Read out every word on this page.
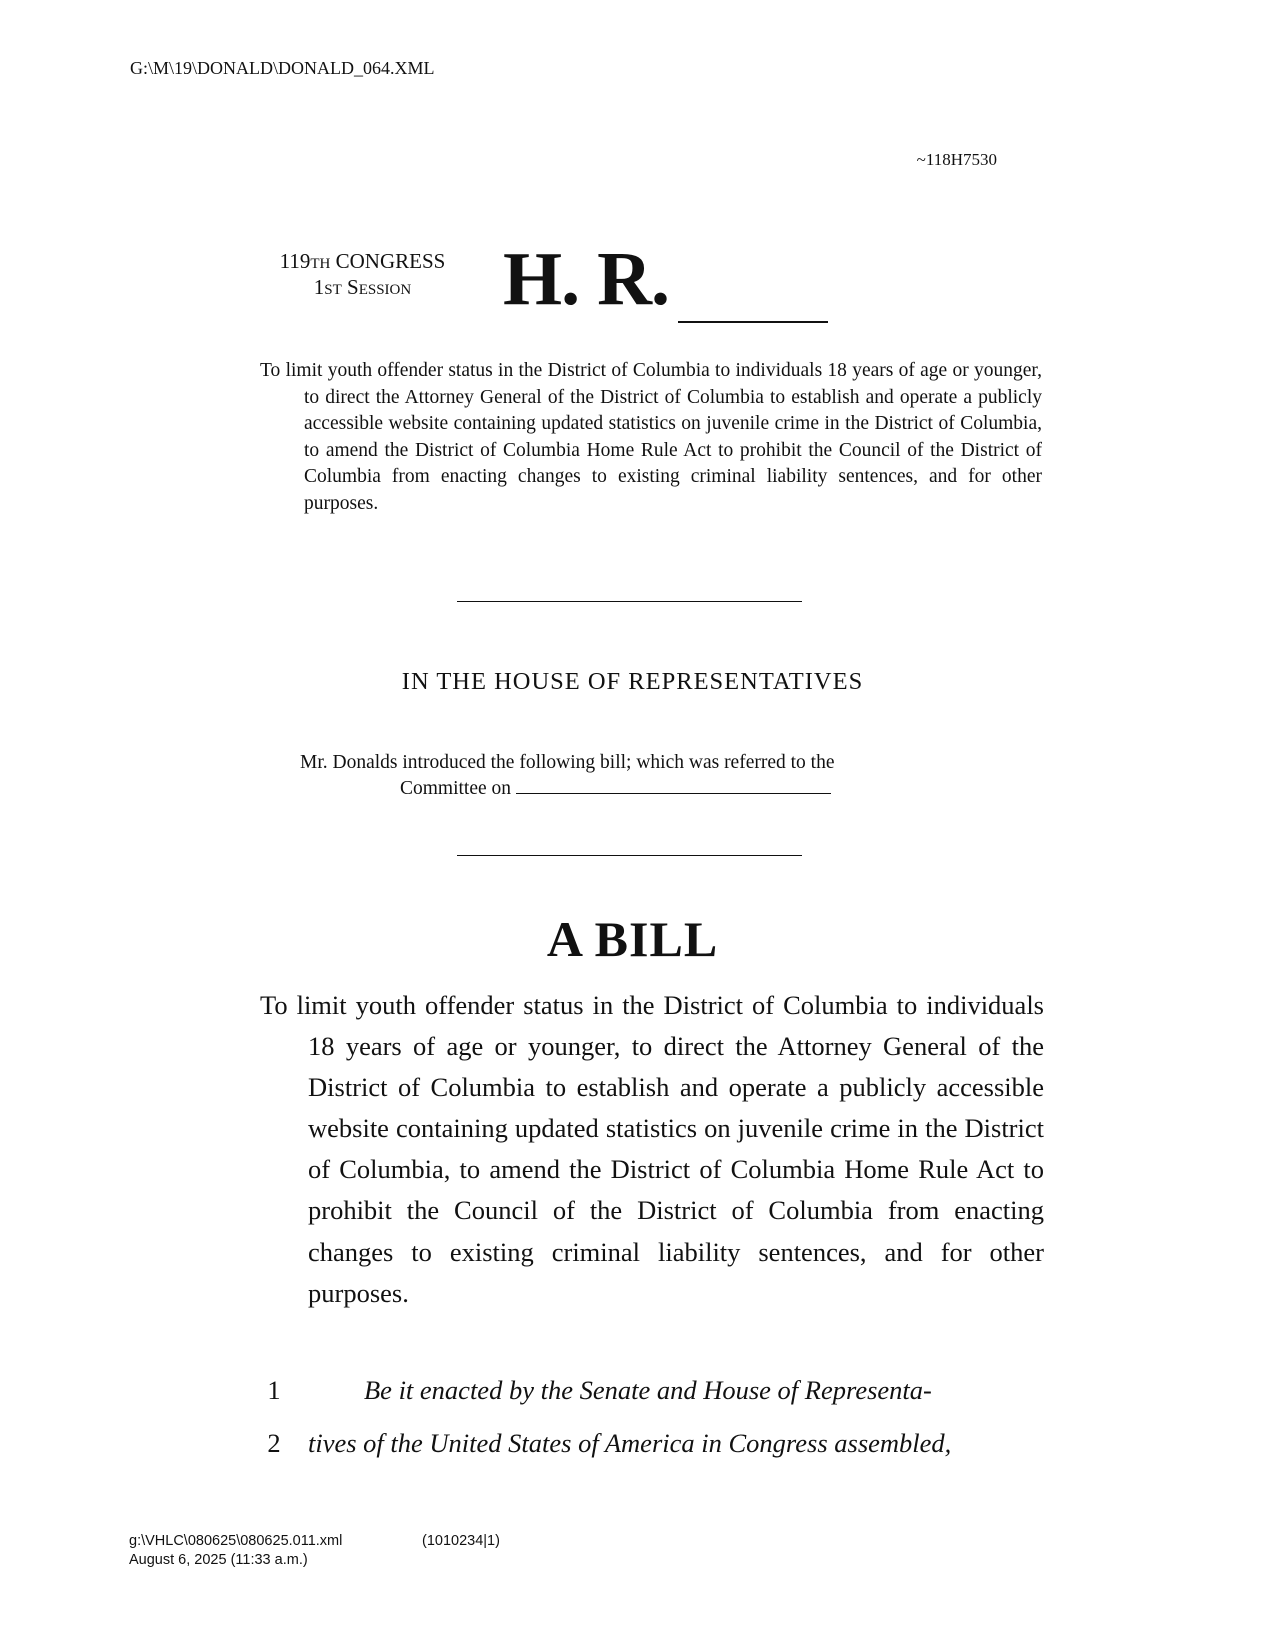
G:\M\19\DONALD\DONALD_064.XML
~118H7530
119th CONGRESS
1st Session	H. R.
To limit youth offender status in the District of Columbia to individuals 18 years of age or younger, to direct the Attorney General of the District of Columbia to establish and operate a publicly accessible website containing updated statistics on juvenile crime in the District of Columbia, to amend the District of Columbia Home Rule Act to prohibit the Council of the District of Columbia from enacting changes to existing criminal liability sentences, and for other purposes.
IN THE HOUSE OF REPRESENTATIVES
Mr. Donalds introduced the following bill; which was referred to the
Committee on
A BILL
To limit youth offender status in the District of Columbia to individuals 18 years of age or younger, to direct the Attorney General of the District of Columbia to establish and operate a publicly accessible website containing updated statistics on juvenile crime in the District of Columbia, to amend the District of Columbia Home Rule Act to prohibit the Council of the District of Columbia from enacting changes to existing criminal liability sentences, and for other purposes.
1	Be it enacted by the Senate and House of Representa-
2	tives of the United States of America in Congress assembled,
g:\VHLC\080625\080625.011.xml	(1010234|1)
August 6, 2025 (11:33 a.m.)
